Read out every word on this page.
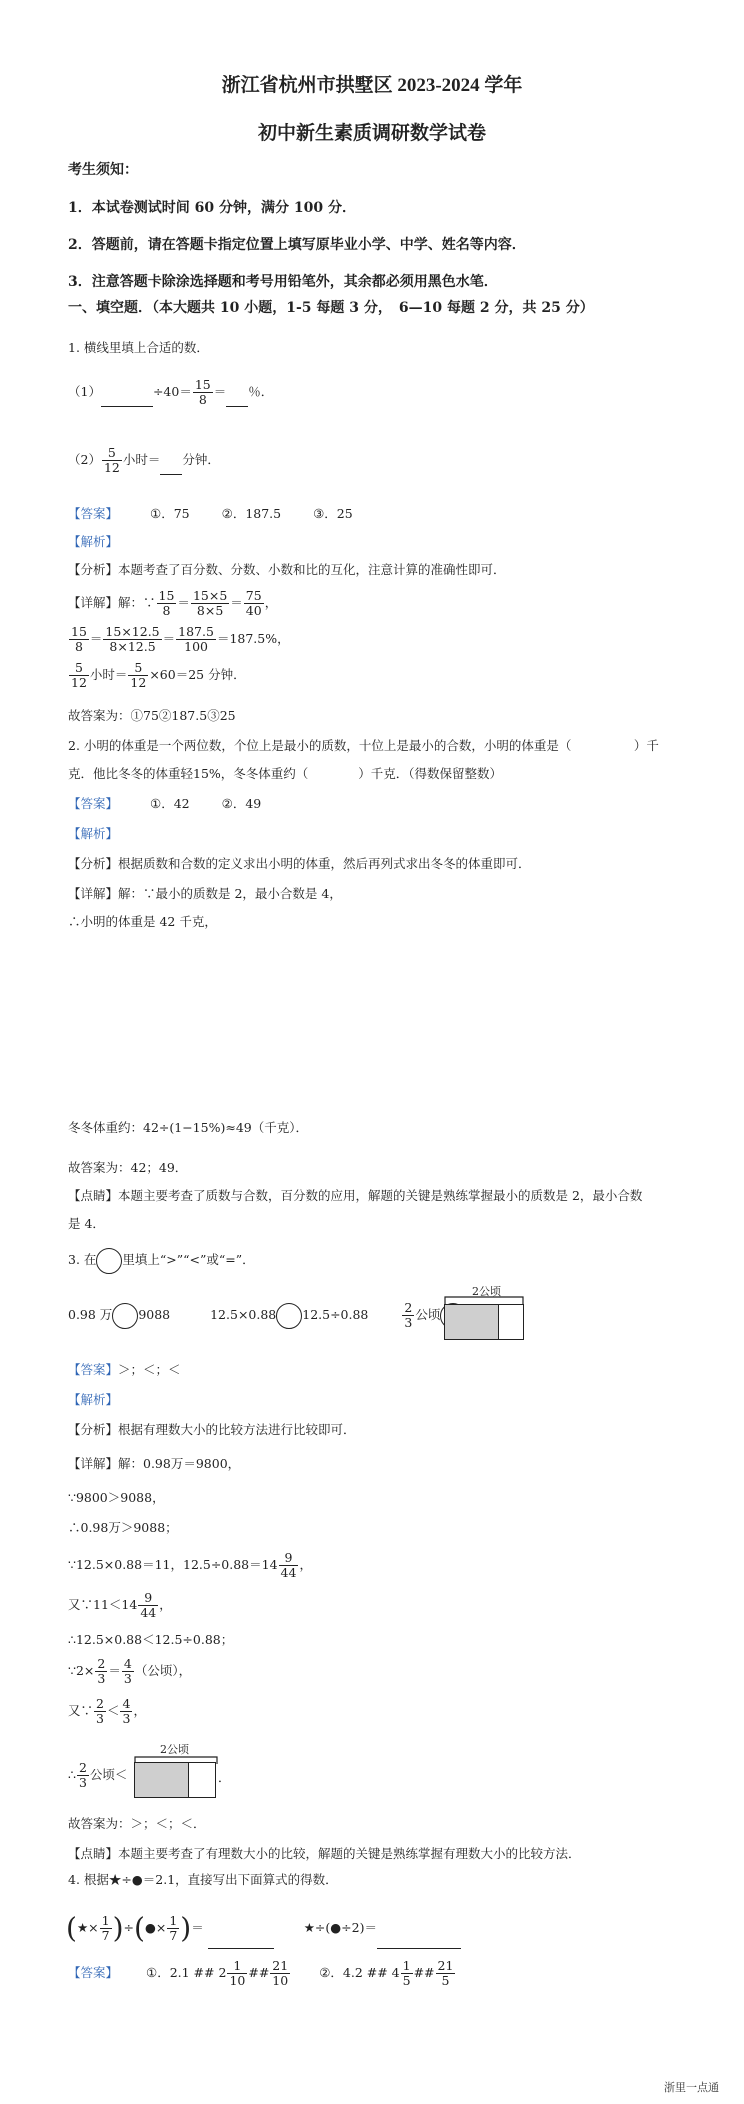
浙江省杭州市拱墅区 2023-2024 学年
初中新生素质调研数学试卷
考生须知：
1．本试卷测试时间 60 分钟，满分 100 分．
2．答题前，请在答题卡指定位置上填写原毕业小学、中学、姓名等内容．
3．注意答题卡除涂选择题和考号用铅笔外，其余都必须用黑色水笔．
一、填空题．（本大题共 10 小题，1-5 每题 3 分，　6—10 每题 2 分，共 25 分）
1. 横线里填上合适的数．
（1）	$\div 40= \frac{15}{8}$ ＝ ％．
$(2) \frac{5}{12}$ 小时＝ 分钟．
【答案】	①．75	②．187.5	③．25
【解析】
【分析】本题考查了百分数、分数、小数和比的互化，注意计算的准确性即可．
【详解】解：∵ $\frac{15}{8} = \frac{15\times 5}{8\times 5} = \frac{75}{40}$ ，
$\frac{15}{8} = \frac{15\times 12.5}{8\times 12.5} = \frac{187.5}{100} =187.5\%$，
$\frac{5}{12}$ 小时＝ $\frac{5}{12} \times 60=25$ 分钟．
故答案为：①75②187.5③25
2. 小明的体重是一个两位数，个位上是最小的质数，十位上是最小的合数，小明的体重是（　　　　　）千
克．他比冬冬的体重轻15%，冬冬体重约（　　　　）千克．（得数保留整数）
【答案】	①．42	②．49
【解析】
【分析】根据质数和合数的定义求出小明的体重，然后再列式求出冬冬的体重即可．
【详解】解：∵最小的质数是 2，最小合数是 4，
∴小明的体重是 42 千克，
冬冬体重约：42÷(1−15%)≈49（千克）．
故答案为：42；49．
【点睛】本题主要考查了质数与合数，百分数的应用，解题的关键是熟练掌握最小的质数是 2，最小合数
是 4．
3. 在 里填上“>”“<”或“=”．
0.98 万 9088	12.5×0.88 12.5÷0.88	$\frac{2}{3}$ 公顷
2公顷
【答案】＞；＜；＜
【解析】
【分析】根据有理数大小的比较方法进行比较即可．
【详解】解：0.98万＝9800，
∵9800＞9088，
∴0.98万＞9088；
∵12.5×0.88＝11，$12.5\div 0.88=14 \frac{9}{44}$ ，
又∵11＜14 $\frac{9}{44}$ ，
∴12.5×0.88＜12.5÷0.88；
∵2× $\frac{2}{3} = \frac{4}{3}$ （公顷），
又∵ $\frac{2}{3} < \frac{4}{3}$ ，
∴ $\frac{2}{3}$ 公顷＜
2公顷
．
故答案为：＞；＜；＜．
【点睛】本题主要考查了有理数大小的比较，解题的关键是熟练掌握有理数大小的比较方法．
4. 根据★÷●＝2.1，直接写出下面算式的得数．
(★× $\frac{1}{7}$ )÷(●× $\frac{1}{7}$ )＝	★÷(●÷2)＝
【答案】 ①．2.1 ## $2 \frac{1}{10}$ ## $\frac{21}{10}$ ②．4.2 ## $4 \frac{1}{5}$ ## $\frac{21}{5}$
浙里一点通
